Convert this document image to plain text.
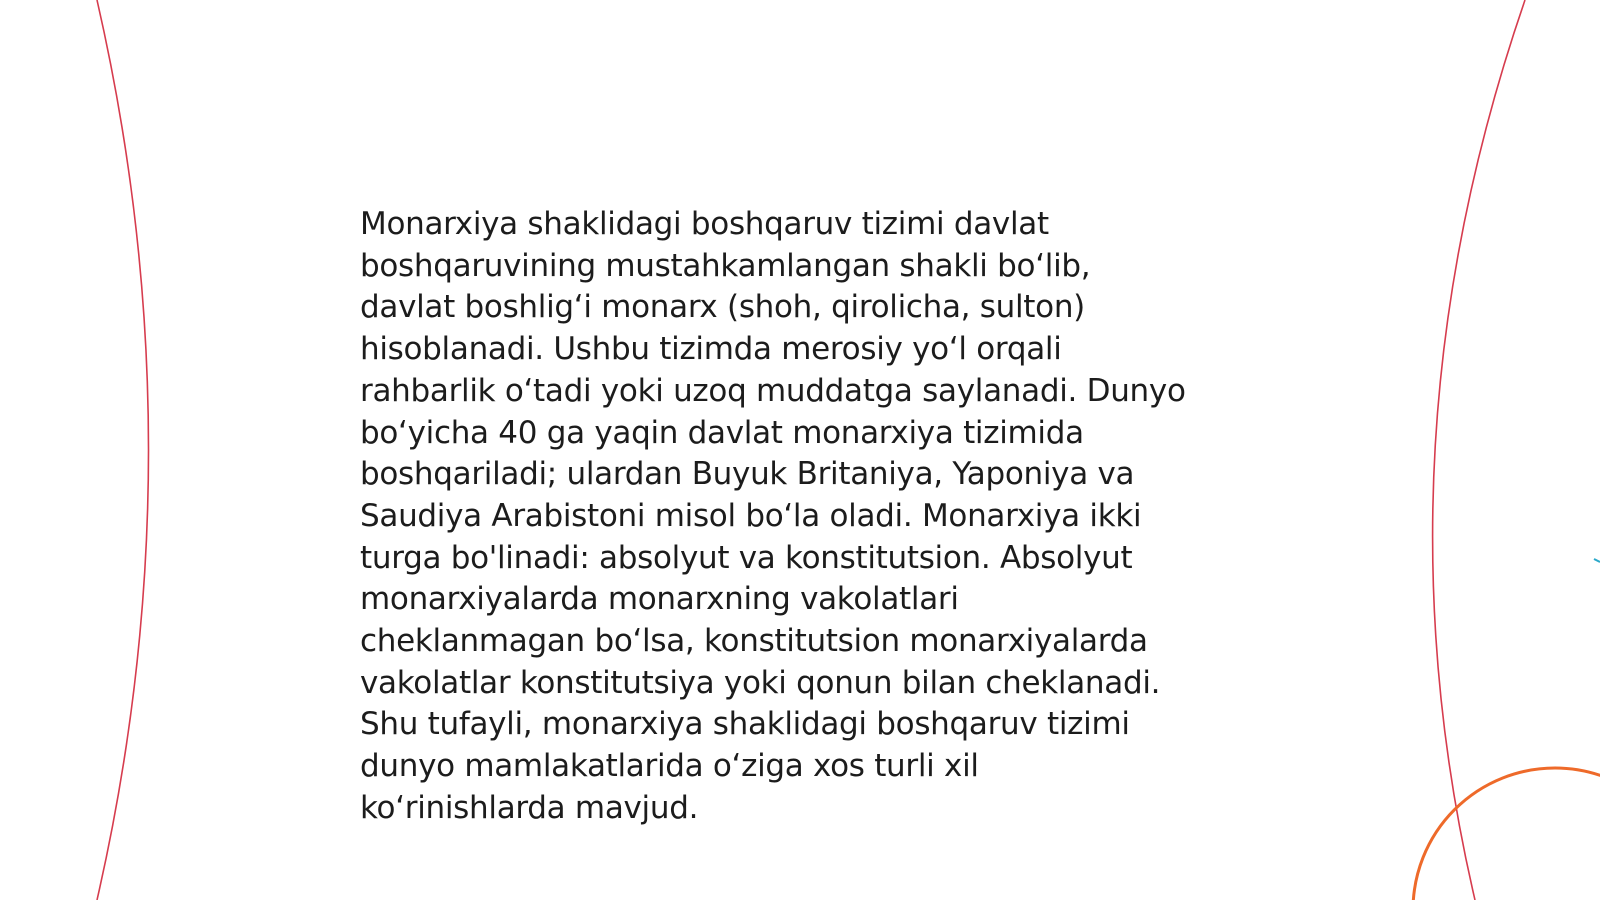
Monarxiya shaklidagi boshqaruv tizimi davlat
boshqaruvining mustahkamlangan shakli bo‘lib,
davlat boshlig‘i monarx (shoh, qirolicha, sulton)
hisoblanadi. Ushbu tizimda merosiy yo‘l orqali
rahbarlik o‘tadi yoki uzoq muddatga saylanadi. Dunyo
bo‘yicha 40 ga yaqin davlat monarxiya tizimida
boshqariladi; ulardan Buyuk Britaniya, Yaponiya va
Saudiya Arabistoni misol bo‘la oladi. Monarxiya ikki
turga bo'linadi: absolyut va konstitutsion. Absolyut
monarxiyalarda monarxning vakolatlari
cheklanmagan bo‘lsa, konstitutsion monarxiyalarda
vakolatlar konstitutsiya yoki qonun bilan cheklanadi.
Shu tufayli, monarxiya shaklidagi boshqaruv tizimi
dunyo mamlakatlarida o‘ziga xos turli xil
ko‘rinishlarda mavjud.
